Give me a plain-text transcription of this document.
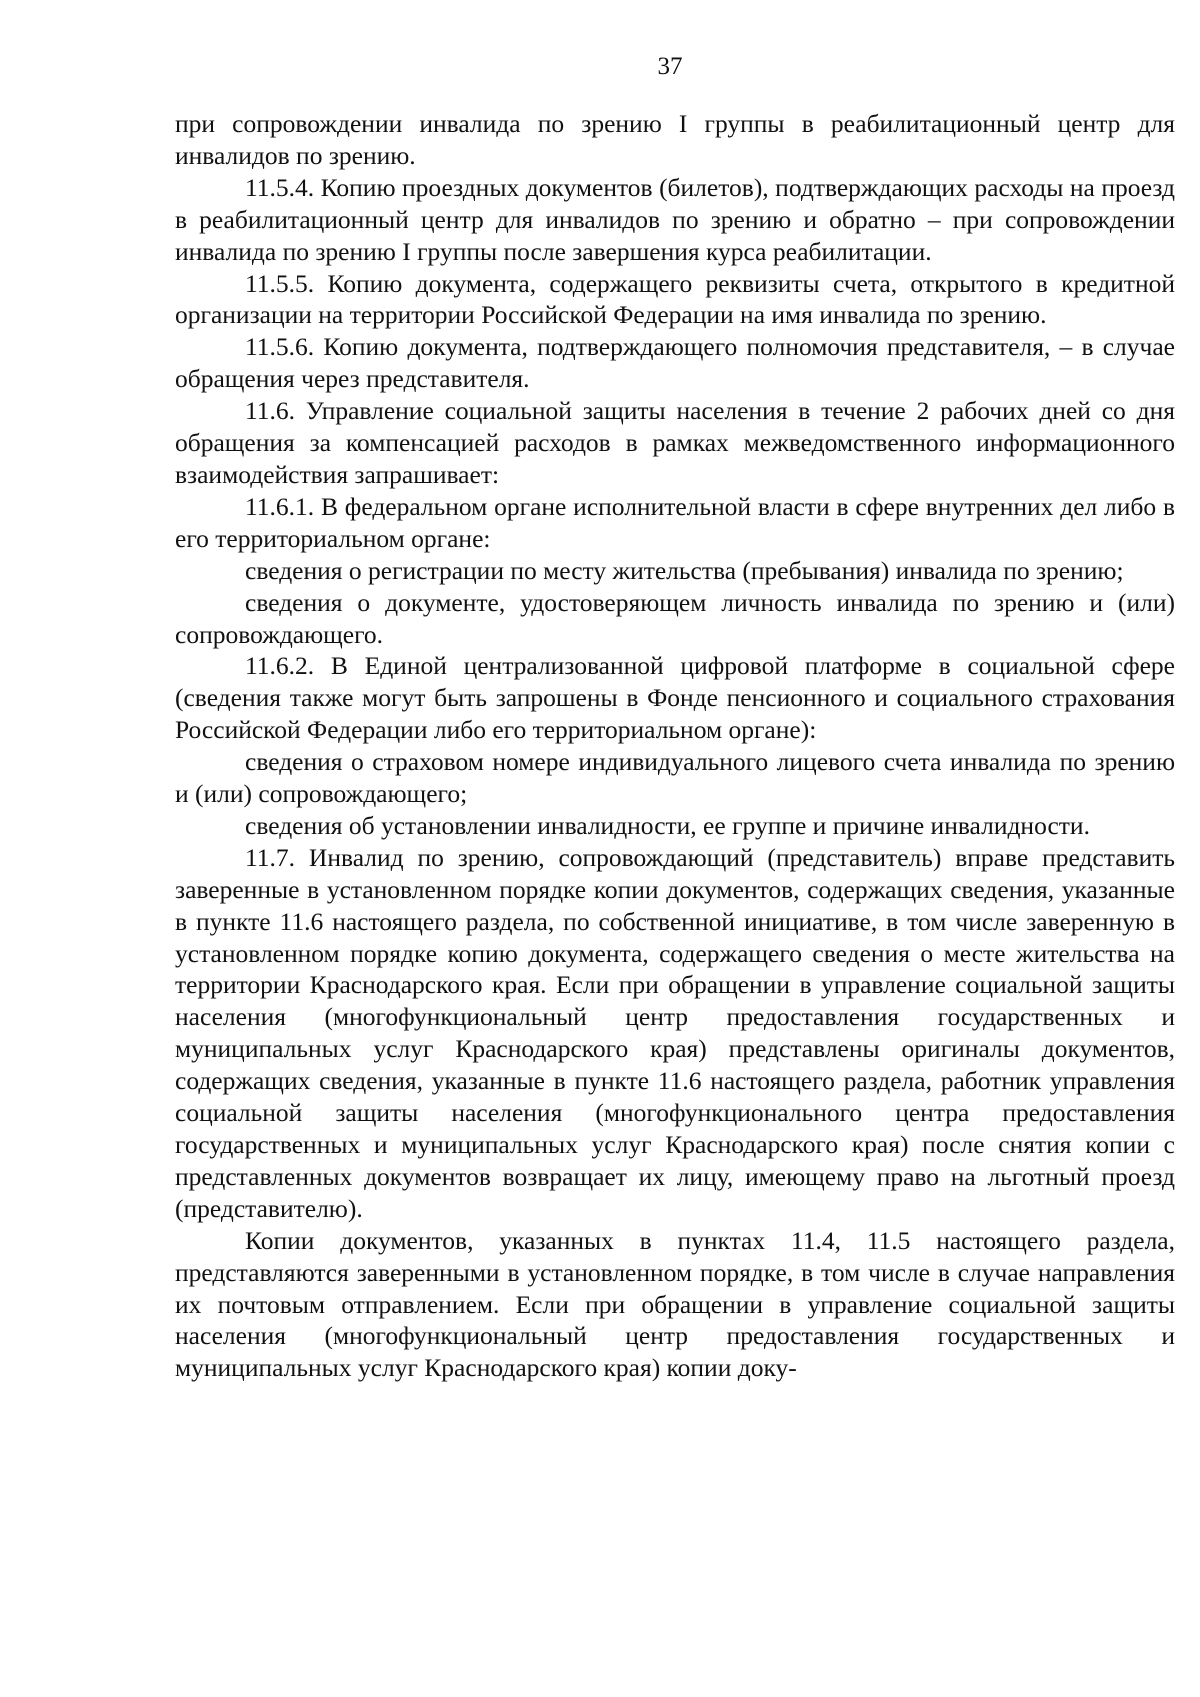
37

при сопровождении инвалида по зрению I группы в реабилитационный центр для инвалидов по зрению.

11.5.4. Копию проездных документов (билетов), подтверждающих расходы на проезд в реабилитационный центр для инвалидов по зрению и обратно – при сопровождении инвалида по зрению I группы после завершения курса реабилитации.

11.5.5. Копию документа, содержащего реквизиты счета, открытого в кредитной организации на территории Российской Федерации на имя инвалида по зрению.

11.5.6. Копию документа, подтверждающего полномочия представителя, – в случае обращения через представителя.

11.6. Управление социальной защиты населения в течение 2 рабочих дней со дня обращения за компенсацией расходов в рамках межведомственного информационного взаимодействия запрашивает:

11.6.1. В федеральном органе исполнительной власти в сфере внутренних дел либо в его территориальном органе:

сведения о регистрации по месту жительства (пребывания) инвалида по зрению;

сведения о документе, удостоверяющем личность инвалида по зрению и (или) сопровождающего.

11.6.2. В Единой централизованной цифровой платформе в социальной сфере (сведения также могут быть запрошены в Фонде пенсионного и социального страхования Российской Федерации либо его территориальном органе):

сведения о страховом номере индивидуального лицевого счета инвалида по зрению и (или) сопровождающего;

сведения об установлении инвалидности, ее группе и причине инвалидности.

11.7. Инвалид по зрению, сопровождающий (представитель) вправе представить заверенные в установленном порядке копии документов, содержащих сведения, указанные в пункте 11.6 настоящего раздела, по собственной инициативе, в том числе заверенную в установленном порядке копию документа, содержащего сведения о месте жительства на территории Краснодарского края. Если при обращении в управление социальной защиты населения (многофункциональный центр предоставления государственных и муниципальных услуг Краснодарского края) представлены оригиналы документов, содержащих сведения, указанные в пункте 11.6 настоящего раздела, работник управления социальной защиты населения (многофункционального центра предоставления государственных и муниципальных услуг Краснодарского края) после снятия копии с представленных документов возвращает их лицу, имеющему право на льготный проезд (представителю).

Копии документов, указанных в пунктах 11.4, 11.5 настоящего раздела, представляются заверенными в установленном порядке, в том числе в случае направления их почтовым отправлением. Если при обращении в управление социальной защиты населения (многофункциональный центр предоставления государственных и муниципальных услуг Краснодарского края) копии доку-
